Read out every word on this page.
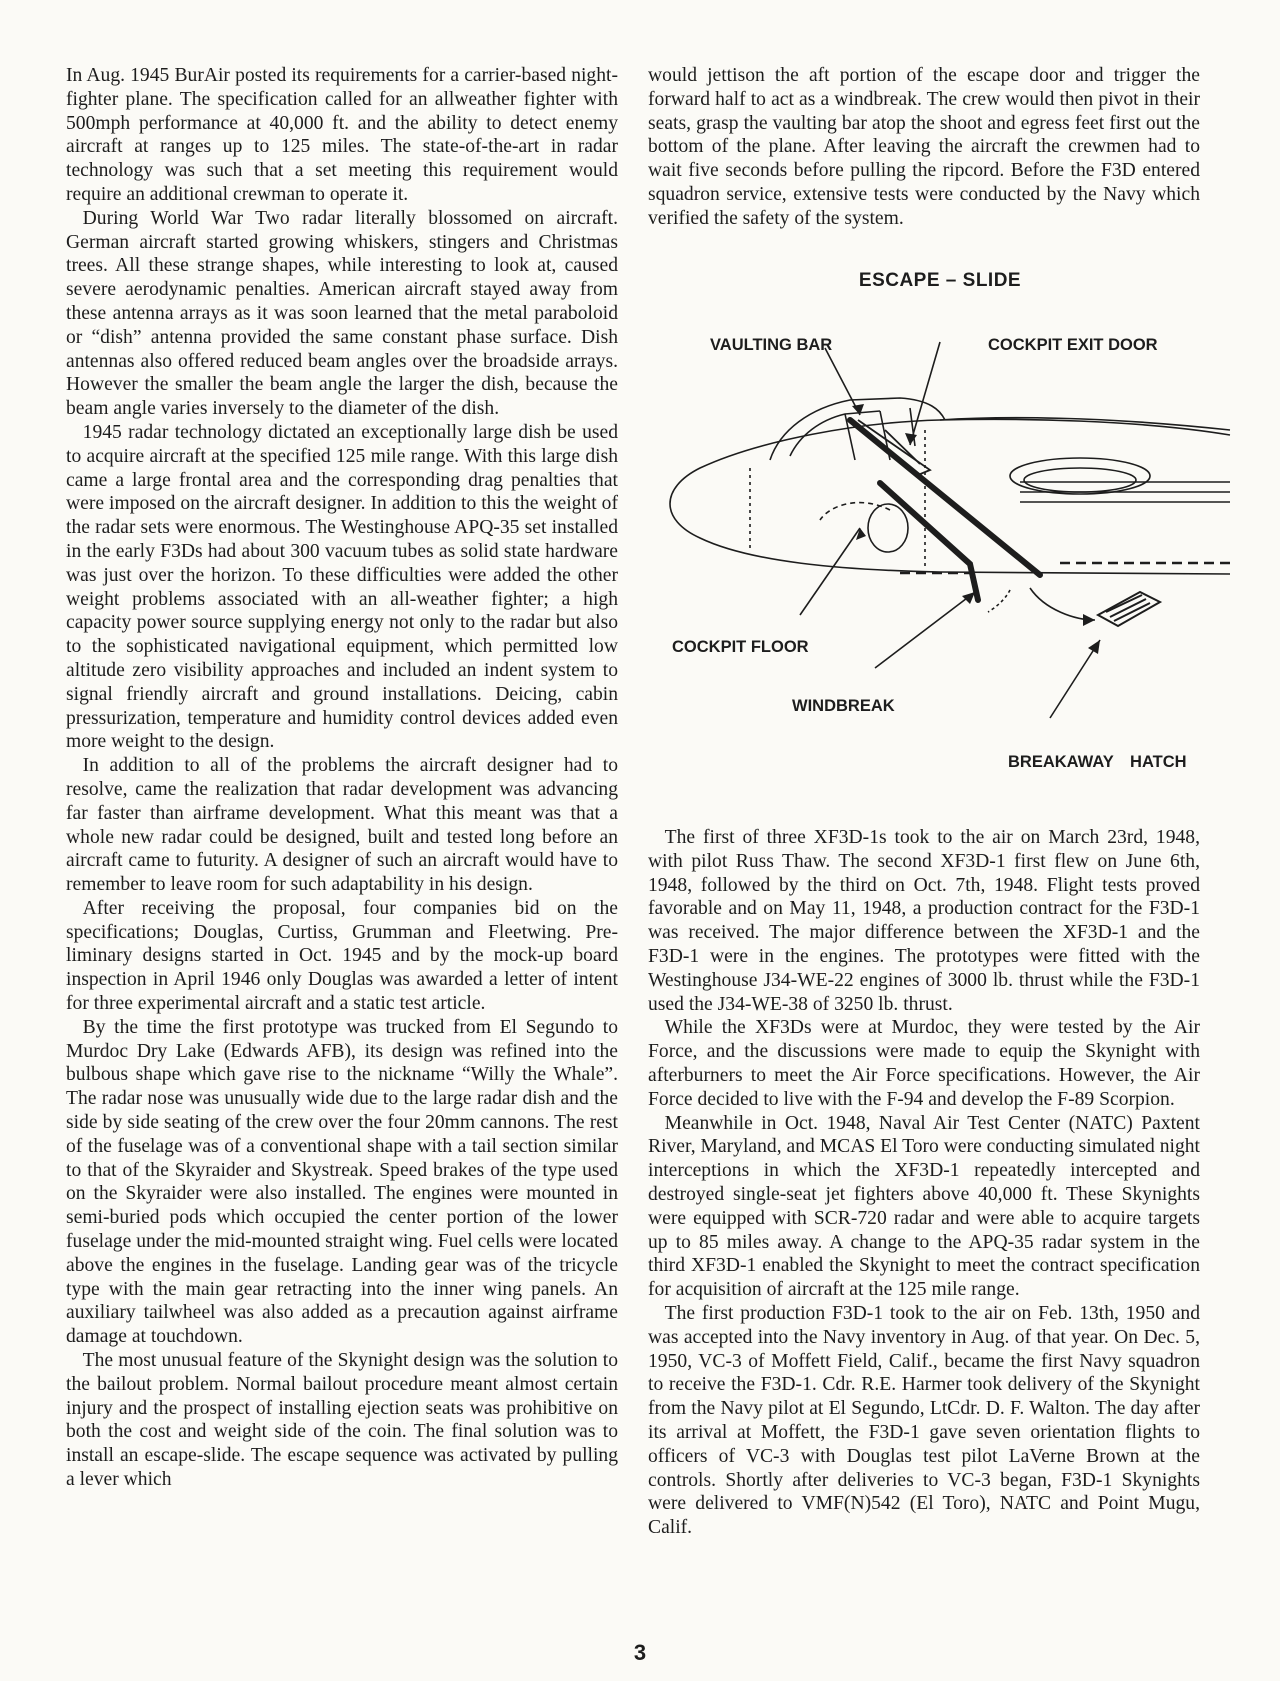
In Aug. 1945 BurAir posted its requirements for a carrier-based night-fighter plane. The specification called for an allweather fighter with 500mph performance at 40,000 ft. and the ability to detect enemy aircraft at ranges up to 125 miles. The state-of-the-art in radar technology was such that a set meeting this requirement would require an additional crewman to operate it.

During World War Two radar literally blossomed on aircraft. German aircraft started growing whiskers, stingers and Christmas trees. All these strange shapes, while interesting to look at, caused severe aerodynamic penalties. American aircraft stayed away from these antenna arrays as it was soon learned that the metal paraboloid or “dish” antenna provided the same constant phase surface. Dish antennas also offered reduced beam angles over the broadside arrays. However the smaller the beam angle the larger the dish, because the beam angle varies inversely to the diameter of the dish.

1945 radar technology dictated an exceptionally large dish be used to acquire aircraft at the specified 125 mile range. With this large dish came a large frontal area and the corresponding drag penalties that were imposed on the aircraft designer. In addition to this the weight of the radar sets were enormous. The Westinghouse APQ-35 set installed in the early F3Ds had about 300 vacuum tubes as solid state hardware was just over the horizon. To these difficulties were added the other weight problems associated with an all-weather fighter; a high capacity power source supplying energy not only to the radar but also to the sophisticated navigational equipment, which permitted low altitude zero visibility approaches and included an indent system to signal friendly aircraft and ground installations. Deicing, cabin pressurization, temperature and humidity control devices added even more weight to the design.

In addition to all of the problems the aircraft designer had to resolve, came the realization that radar development was advancing far faster than airframe development. What this meant was that a whole new radar could be designed, built and tested long before an aircraft came to futurity. A designer of such an aircraft would have to remember to leave room for such adaptability in his design.

After receiving the proposal, four companies bid on the specifications; Douglas, Curtiss, Grumman and Fleetwing. Preliminary designs started in Oct. 1945 and by the mock-up board inspection in April 1946 only Douglas was awarded a letter of intent for three experimental aircraft and a static test article.

By the time the first prototype was trucked from El Segundo to Murdoc Dry Lake (Edwards AFB), its design was refined into the bulbous shape which gave rise to the nickname “Willy the Whale”. The radar nose was unusually wide due to the large radar dish and the side by side seating of the crew over the four 20mm cannons. The rest of the fuselage was of a conventional shape with a tail section similar to that of the Skyraider and Skystreak. Speed brakes of the type used on the Skyraider were also installed. The engines were mounted in semi-buried pods which occupied the center portion of the lower fuselage under the mid-mounted straight wing. Fuel cells were located above the engines in the fuselage. Landing gear was of the tricycle type with the main gear retracting into the inner wing panels. An auxiliary tailwheel was also added as a precaution against airframe damage at touchdown.

The most unusual feature of the Skynight design was the solution to the bailout problem. Normal bailout procedure meant almost certain injury and the prospect of installing ejection seats was prohibitive on both the cost and weight side of the coin. The final solution was to install an escape-slide. The escape sequence was activated by pulling a lever which

would jettison the aft portion of the escape door and trigger the forward half to act as a windbreak. The crew would then pivot in their seats, grasp the vaulting bar atop the shoot and egress feet first out the bottom of the plane. After leaving the aircraft the crewmen had to wait five seconds before pulling the ripcord. Before the F3D entered squadron service, extensive tests were conducted by the Navy which verified the safety of the system.

ESCAPE – SLIDE
VAULTING BAR	COCKPIT EXIT DOOR
COCKPIT FLOOR
WINDBREAK
BREAKAWAY HATCH

The first of three XF3D-1s took to the air on March 23rd, 1948, with pilot Russ Thaw. The second XF3D-1 first flew on June 6th, 1948, followed by the third on Oct. 7th, 1948. Flight tests proved favorable and on May 11, 1948, a production contract for the F3D-1 was received. The major difference between the XF3D-1 and the F3D-1 were in the engines. The prototypes were fitted with the Westinghouse J34-WE-22 engines of 3000 lb. thrust while the F3D-1 used the J34-WE-38 of 3250 lb. thrust.

While the XF3Ds were at Murdoc, they were tested by the Air Force, and the discussions were made to equip the Skynight with afterburners to meet the Air Force specifications. However, the Air Force decided to live with the F-94 and develop the F-89 Scorpion.

Meanwhile in Oct. 1948, Naval Air Test Center (NATC) Paxtent River, Maryland, and MCAS El Toro were conducting simulated night interceptions in which the XF3D-1 repeatedly intercepted and destroyed single-seat jet fighters above 40,000 ft. These Skynights were equipped with SCR-720 radar and were able to acquire targets up to 85 miles away. A change to the APQ-35 radar system in the third XF3D-1 enabled the Skynight to meet the contract specification for acquisition of aircraft at the 125 mile range.

The first production F3D-1 took to the air on Feb. 13th, 1950 and was accepted into the Navy inventory in Aug. of that year. On Dec. 5, 1950, VC-3 of Moffett Field, Calif., became the first Navy squadron to receive the F3D-1. Cdr. R.E. Harmer took delivery of the Skynight from the Navy pilot at El Segundo, LtCdr. D. F. Walton. The day after its arrival at Moffett, the F3D-1 gave seven orientation flights to officers of VC-3 with Douglas test pilot LaVerne Brown at the controls. Shortly after deliveries to VC-3 began, F3D-1 Skynights were delivered to VMF(N)542 (El Toro), NATC and Point Mugu, Calif.

3
